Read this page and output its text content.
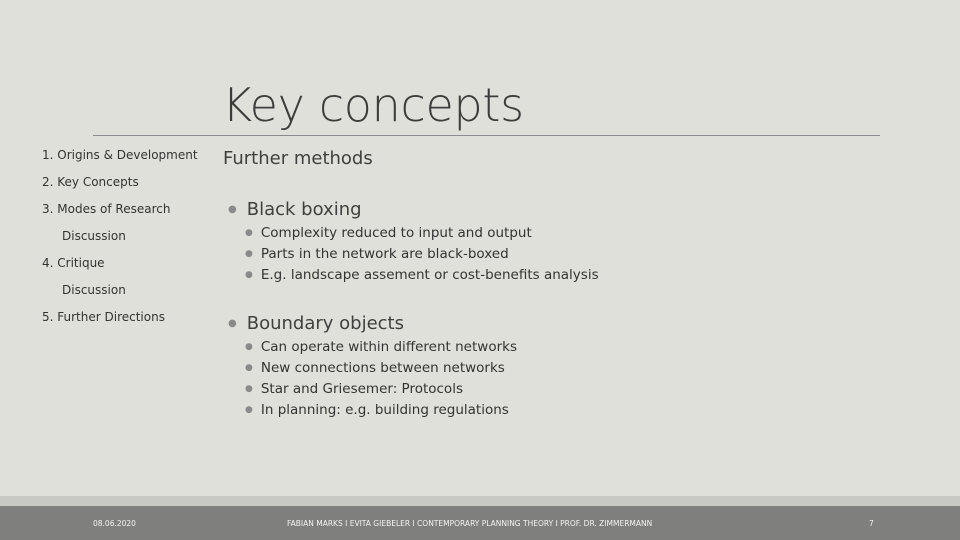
Key concepts
1. Origins & Development
2. Key Concepts
3. Modes of Research
Discussion
4. Critique
Discussion
5. Further Directions
Further methods
● Black boxing
● Complexity reduced to input and output
● Parts in the network are black-boxed
● E.g. landscape assement or cost-benefits analysis
● Boundary objects
● Can operate within different networks
● New connections between networks
● Star and Griesemer: Protocols
● In planning: e.g. building regulations
08.06.2020	FABIAN MARKS I EVITA GIEBELER I CONTEMPORARY PLANNING THEORY I PROF. DR. ZIMMERMANN	7
